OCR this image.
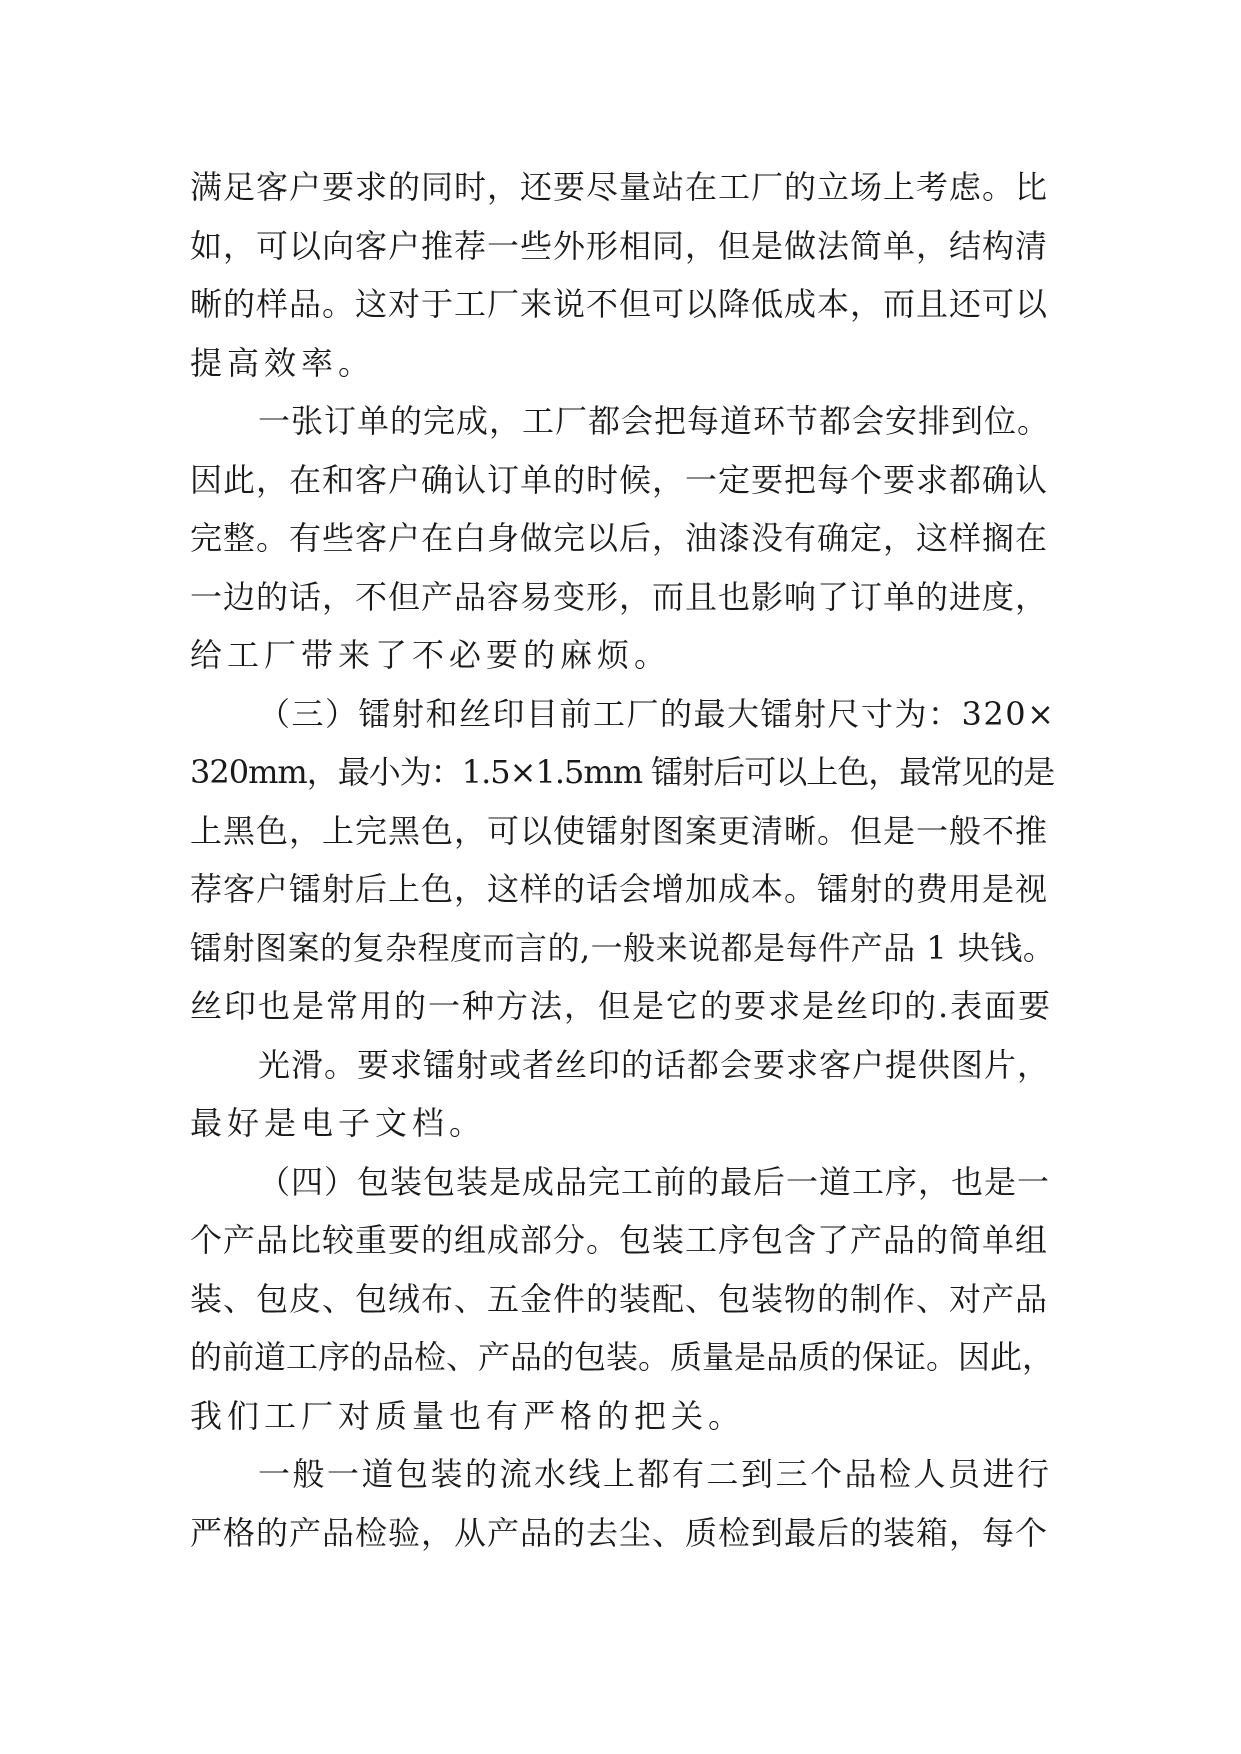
满足客户要求的同时，还要尽量站在工厂的立场上考虑。比
如，可以向客户推荐一些外形相同，但是做法简单，结构清
晰的样品。这对于工厂来说不但可以降低成本，而且还可以
提高效率。
一张订单的完成，工厂都会把每道环节都会安排到位。
因此，在和客户确认订单的时候，一定要把每个要求都确认
完整。有些客户在白身做完以后，油漆没有确定，这样搁在
一边的话，不但产品容易变形，而且也影响了订单的进度，
给工厂带来了不必要的麻烦。
（三）镭射和丝印目前工厂的最大镭射尺寸为：320×
320mm，最小为：1.5×1.5mm 镭射后可以上色，最常见的是
上黑色，上完黑色，可以使镭射图案更清晰。但是一般不推
荐客户镭射后上色，这样的话会增加成本。镭射的费用是视
镭射图案的复杂程度而言的,一般来说都是每件产品 1 块钱。
丝印也是常用的一种方法，但是它的要求是丝印的.表面要
光滑。要求镭射或者丝印的话都会要求客户提供图片，
最好是电子文档。
（四）包装包装是成品完工前的最后一道工序，也是一
个产品比较重要的组成部分。包装工序包含了产品的简单组
装、包皮、包绒布、五金件的装配、包装物的制作、对产品
的前道工序的品检、产品的包装。质量是品质的保证。因此，
我们工厂对质量也有严格的把关。
一般一道包装的流水线上都有二到三个品检人员进行
严格的产品检验，从产品的去尘、质检到最后的装箱，每个
